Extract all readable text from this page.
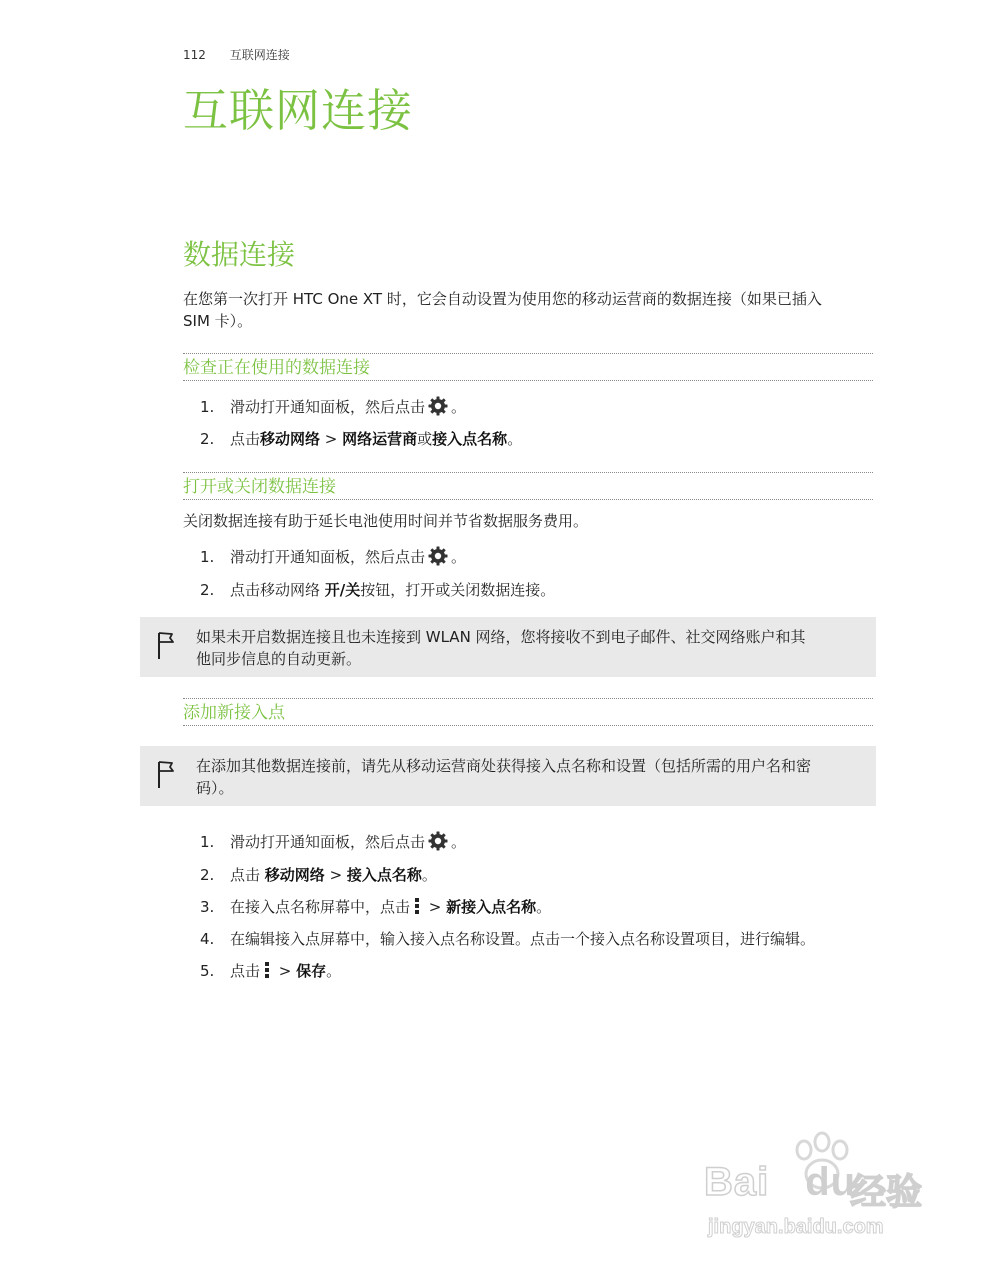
112 互联网连接
互联网连接
数据连接
在您第一次打开 HTC One XT 时，它会自动设置为使用您的移动运营商的数据连接（如果已插入
SIM 卡）。
检查正在使用的数据连接
1. 滑动打开通知面板，然后点击 。
2. 点击移动网络 > 网络运营商或接入点名称。
打开或关闭数据连接
关闭数据连接有助于延长电池使用时间并节省数据服务费用。
1. 滑动打开通知面板，然后点击 。
2. 点击移动网络 开/关按钮，打开或关闭数据连接。
如果未开启数据连接且也未连接到 WLAN 网络，您将接收不到电子邮件、社交网络账户和其
他同步信息的自动更新。
添加新接入点
在添加其他数据连接前，请先从移动运营商处获得接入点名称和设置（包括所需的用户名和密
码）。
1. 滑动打开通知面板，然后点击 。
2. 点击 移动网络 > 接入点名称。
3. 在接入点名称屏幕中，点击 > 新接入点名称。
4. 在编辑接入点屏幕中，输入接入点名称设置。点击一个接入点名称设置项目，进行编辑。
5. 点击 > 保存。
Bai du
经验
jingyan.baidu.com
